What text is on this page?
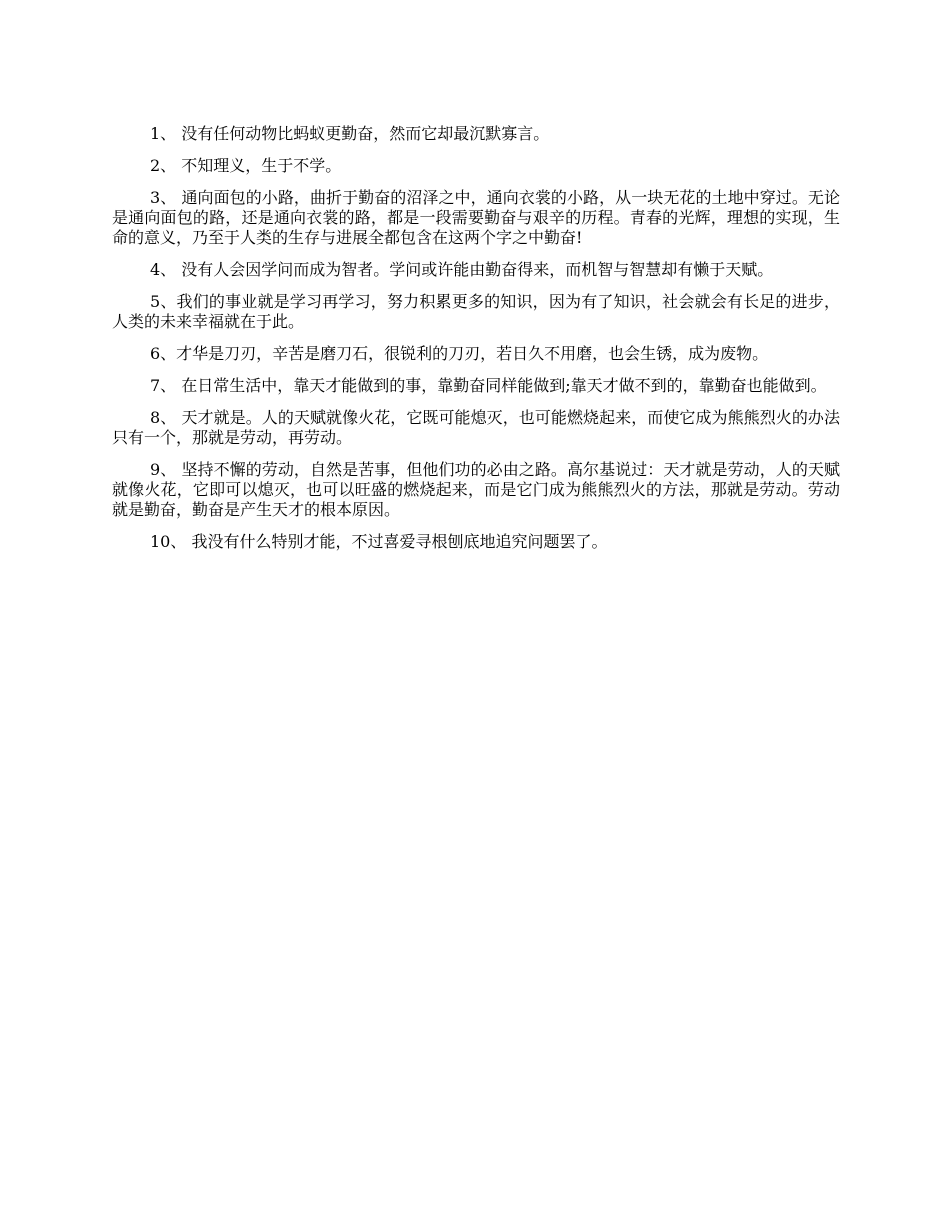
1、 没有任何动物比蚂蚁更勤奋，然而它却最沉默寡言。

2、 不知理义，生于不学。

3、 通向面包的小路，曲折于勤奋的沼泽之中，通向衣裳的小路，从一块无花的土地中穿过。无论是通向面包的路，还是通向衣裳的路，都是一段需要勤奋与艰辛的历程。青春的光辉，理想的实现，生命的意义，乃至于人类的生存与进展全都包含在这两个字之中勤奋!

4、 没有人会因学问而成为智者。学问或许能由勤奋得来，而机智与智慧却有懒于天赋。

5、我们的事业就是学习再学习，努力积累更多的知识，因为有了知识，社会就会有长足的进步，人类的未来幸福就在于此。

6、才华是刀刃，辛苦是磨刀石，很锐利的刀刃，若日久不用磨，也会生锈，成为废物。

7、 在日常生活中，靠天才能做到的事，靠勤奋同样能做到;靠天才做不到的，靠勤奋也能做到。

8、 天才就是。人的天赋就像火花，它既可能熄灭，也可能燃烧起来，而使它成为熊熊烈火的办法只有一个，那就是劳动，再劳动。

9、 坚持不懈的劳动，自然是苦事，但他们功的必由之路。高尔基说过：天才就是劳动，人的天赋就像火花，它即可以熄灭，也可以旺盛的燃烧起来，而是它门成为熊熊烈火的方法，那就是劳动。劳动就是勤奋，勤奋是产生天才的根本原因。

10、 我没有什么特别才能，不过喜爱寻根刨底地追究问题罢了。
